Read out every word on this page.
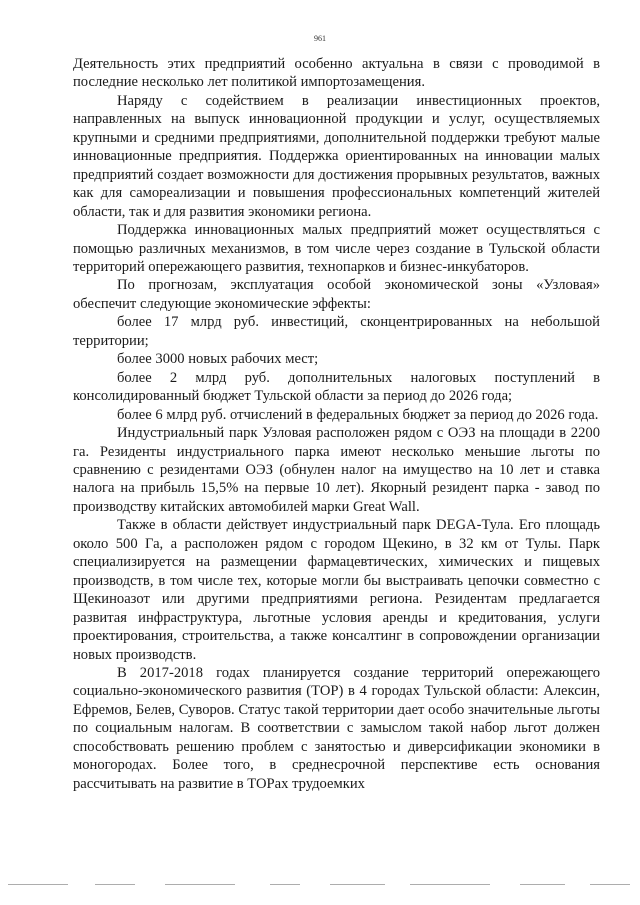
961

Деятельность этих предприятий особенно актуальна в связи с проводимой в последние несколько лет политикой импортозамещения.

Наряду с содействием в реализации инвестиционных проектов, направленных на выпуск инновационной продукции и услуг, осуществляемых крупными и средними предприятиями, дополнительной поддержки требуют малые инновационные предприятия. Поддержка ориентированных на инновации малых предприятий создает возможности для достижения прорывных результатов, важных как для самореализации и повышения профессиональных компетенций жителей области, так и для развития экономики региона.

Поддержка инновационных малых предприятий может осуществляться с помощью различных механизмов, в том числе через создание в Тульской области территорий опережающего развития, технопарков и бизнес-инкубаторов.

По прогнозам, эксплуатация особой экономической зоны «Узловая» обеспечит следующие экономические эффекты:

более 17 млрд руб. инвестиций, сконцентрированных на небольшой территории;

более 3000 новых рабочих мест;

более 2 млрд руб. дополнительных налоговых поступлений в консолидированный бюджет Тульской области за период до 2026 года;

более 6 млрд руб. отчислений в федеральных бюджет за период до 2026 года.

Индустриальный парк Узловая расположен рядом с ОЭЗ на площади в 2200 га. Резиденты индустриального парка имеют несколько меньшие льготы по сравнению с резидентами ОЭЗ (обнулен налог на имущество на 10 лет и ставка налога на прибыль 15,5% на первые 10 лет). Якорный резидент парка - завод по производству китайских автомобилей марки Great Wall.

Также в области действует индустриальный парк DEGA-Тула. Его площадь около 500 Га, а расположен рядом с городом Щекино, в 32 км от Тулы. Парк специализируется на размещении фармацевтических, химических и пищевых производств, в том числе тех, которые могли бы выстраивать цепочки совместно с Щекиноазот или другими предприятиями региона. Резидентам предлагается развитая инфраструктура, льготные условия аренды и кредитования, услуги проектирования, строительства, а также консалтинг в сопровождении организации новых производств.

В 2017-2018 годах планируется создание территорий опережающего социально-экономического развития (ТОР) в 4 городах Тульской области: Алексин, Ефремов, Белев, Суворов. Статус такой территории дает особо значительные льготы по социальным налогам. В соответствии с замыслом такой набор льгот должен способствовать решению проблем с занятостью и диверсификации экономики в моногородах. Более того, в среднесрочной перспективе есть основания рассчитывать на развитие в ТОРах трудоемких
